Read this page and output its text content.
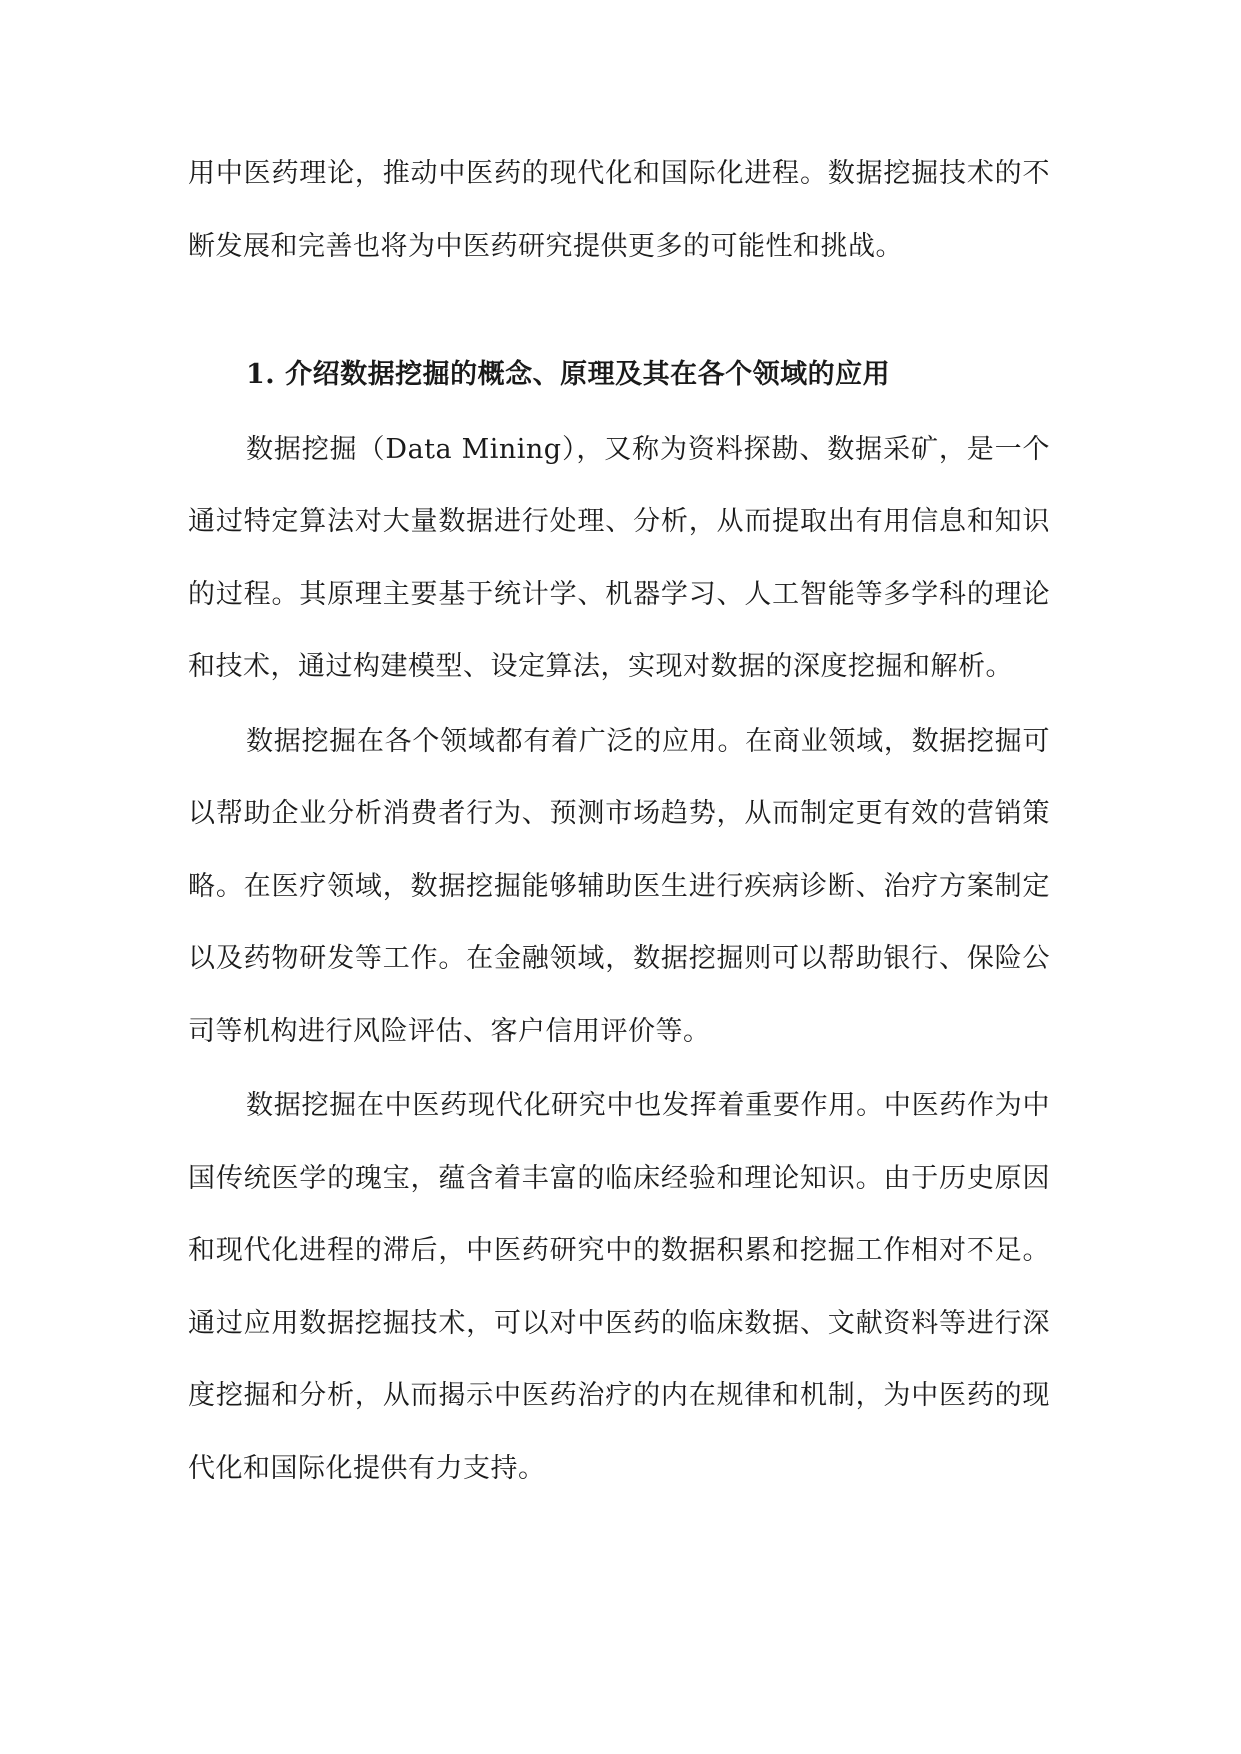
用中医药理论，推动中医药的现代化和国际化进程。数据挖掘技术的不断发展和完善也将为中医药研究提供更多的可能性和挑战。

1. 介绍数据挖掘的概念、原理及其在各个领域的应用

数据挖掘（Data Mining），又称为资料探勘、数据采矿，是一个通过特定算法对大量数据进行处理、分析，从而提取出有用信息和知识的过程。其原理主要基于统计学、机器学习、人工智能等多学科的理论和技术，通过构建模型、设定算法，实现对数据的深度挖掘和解析。

数据挖掘在各个领域都有着广泛的应用。在商业领域，数据挖掘可以帮助企业分析消费者行为、预测市场趋势，从而制定更有效的营销策略。在医疗领域，数据挖掘能够辅助医生进行疾病诊断、治疗方案制定以及药物研发等工作。在金融领域，数据挖掘则可以帮助银行、保险公司等机构进行风险评估、客户信用评价等。

数据挖掘在中医药现代化研究中也发挥着重要作用。中医药作为中国传统医学的瑰宝，蕴含着丰富的临床经验和理论知识。由于历史原因和现代化进程的滞后，中医药研究中的数据积累和挖掘工作相对不足。通过应用数据挖掘技术，可以对中医药的临床数据、文献资料等进行深度挖掘和分析，从而揭示中医药治疗的内在规律和机制，为中医药的现代化和国际化提供有力支持。
